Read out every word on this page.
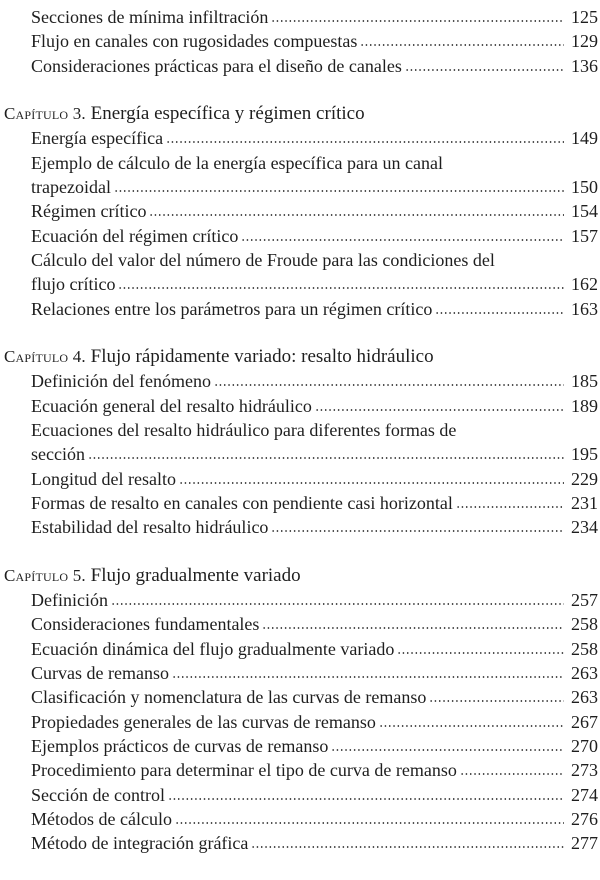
Secciones de mínima infiltración	125
Flujo en canales con rugosidades compuestas	129
Consideraciones prácticas para el diseño de canales	136
Capítulo 3. Energía específica y régimen crítico
Energía específica	149
Ejemplo de cálculo de la energía específica para un canal
trapezoidal	150
Régimen crítico	154
Ecuación del régimen crítico	157
Cálculo del valor del número de Froude para las condiciones del
flujo crítico	162
Relaciones entre los parámetros para un régimen crítico	163
Capítulo 4. Flujo rápidamente variado: resalto hidráulico
Definición del fenómeno	185
Ecuación general del resalto hidráulico	189
Ecuaciones del resalto hidráulico para diferentes formas de
sección	195
Longitud del resalto	229
Formas de resalto en canales con pendiente casi horizontal	231
Estabilidad del resalto hidráulico	234
Capítulo 5. Flujo gradualmente variado
Definición	257
Consideraciones fundamentales	258
Ecuación dinámica del flujo gradualmente variado	258
Curvas de remanso	263
Clasificación y nomenclatura de las curvas de remanso	263
Propiedades generales de las curvas de remanso	267
Ejemplos prácticos de curvas de remanso	270
Procedimiento para determinar el tipo de curva de remanso	273
Sección de control	274
Métodos de cálculo	276
Método de integración gráfica	277
